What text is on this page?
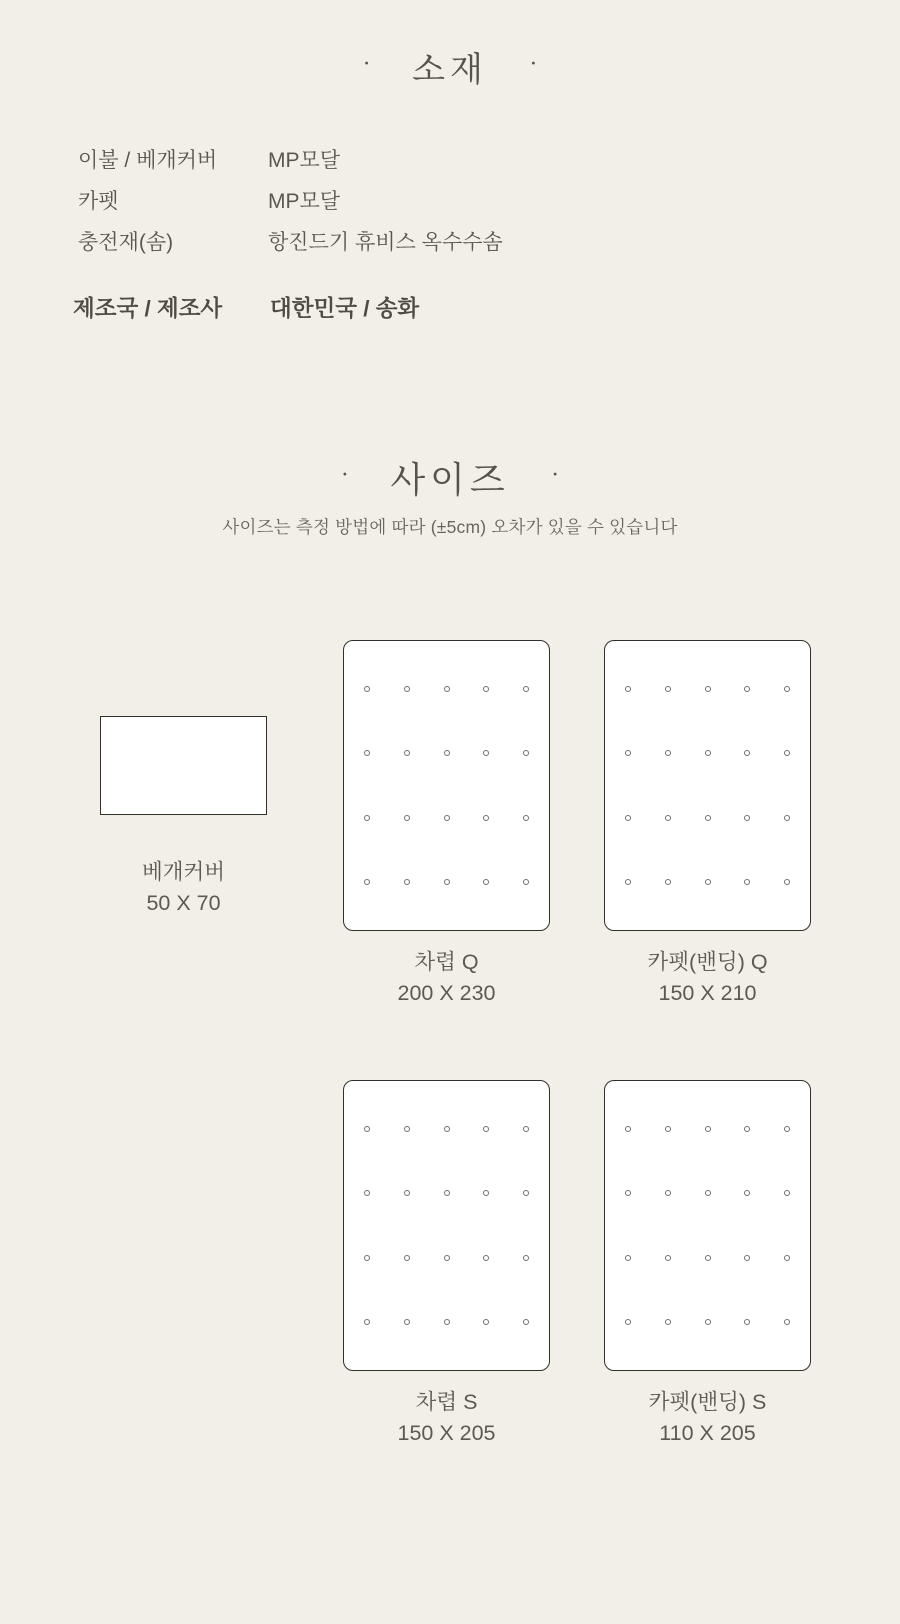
· 소재 ·
이불 / 베개커버	MP모달
카펫	MP모달
충전재(솜)	항진드기 휴비스 옥수수솜
제조국 / 제조사	대한민국 / 송화
· 사이즈 ·
사이즈는 측정 방법에 따라 (±5cm) 오차가 있을 수 있습니다
베개커버
50 X 70
차렵 Q
200 X 230
카펫(밴딩) Q
150 X 210
차렵 S
150 X 205
카펫(밴딩) S
110 X 205
